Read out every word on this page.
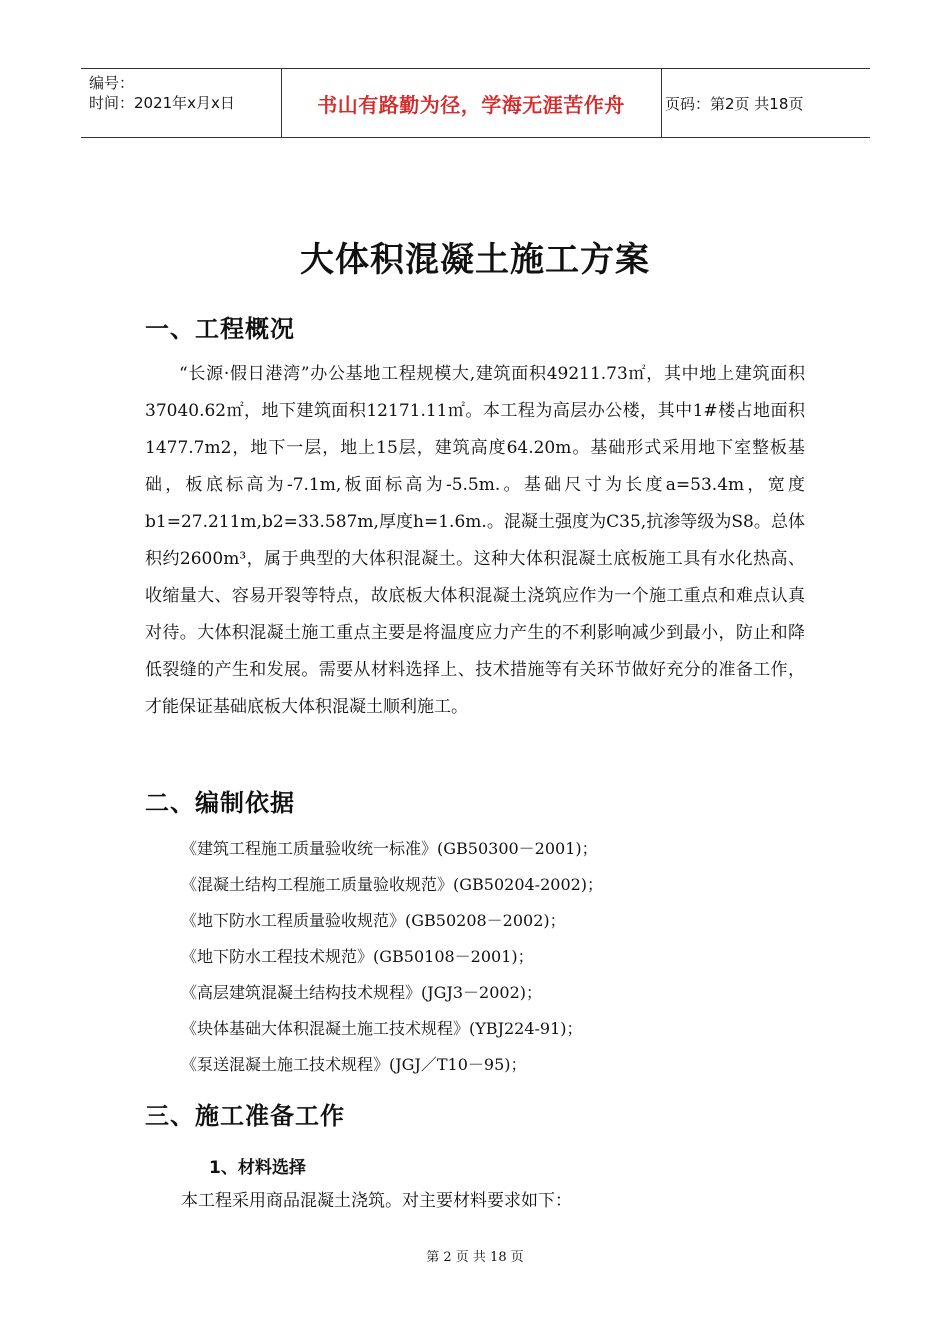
编号：
时间：2021年x月x日	书山有路勤为径，学海无涯苦作舟	页码：第2页 共18页
大体积混凝土施工方案
一、工程概况

“长源·假日港湾”办公基地工程规模大,建筑面积49211.73㎡，其中地上建筑面积37040.62㎡，地下建筑面积12171.11㎡。本工程为高层办公楼，其中1#楼占地面积1477.7m2，地下一层，地上15层，建筑高度64.20m。基础形式采用地下室整板基础，板底标高为-7.1m,板面标高为-5.5m.。基础尺寸为长度a=53.4m，宽度b1=27.211m,b2=33.587m,厚度h=1.6m.。混凝土强度为C35,抗渗等级为S8。总体积约2600m³，属于典型的大体积混凝土。这种大体积混凝土底板施工具有水化热高、收缩量大、容易开裂等特点，故底板大体积混凝土浇筑应作为一个施工重点和难点认真对待。大体积混凝土施工重点主要是将温度应力产生的不利影响减少到最小，防止和降低裂缝的产生和发展。需要从材料选择上、技术措施等有关环节做好充分的准备工作，才能保证基础底板大体积混凝土顺利施工。

二、编制依据
《建筑工程施工质量验收统一标准》(GB50300－2001)；
《混凝土结构工程施工质量验收规范》(GB50204-2002)；
《地下防水工程质量验收规范》(GB50208－2002)；
《地下防水工程技术规范》(GB50108－2001)；
《高层建筑混凝土结构技术规程》(JGJ3－2002)；
《块体基础大体积混凝土施工技术规程》(YBJ224-91)；
《泵送混凝土施工技术规程》(JGJ／T10－95)；
三、施工准备工作
1、材料选择
本工程采用商品混凝土浇筑。对主要材料要求如下：
第 2 页 共 18 页
